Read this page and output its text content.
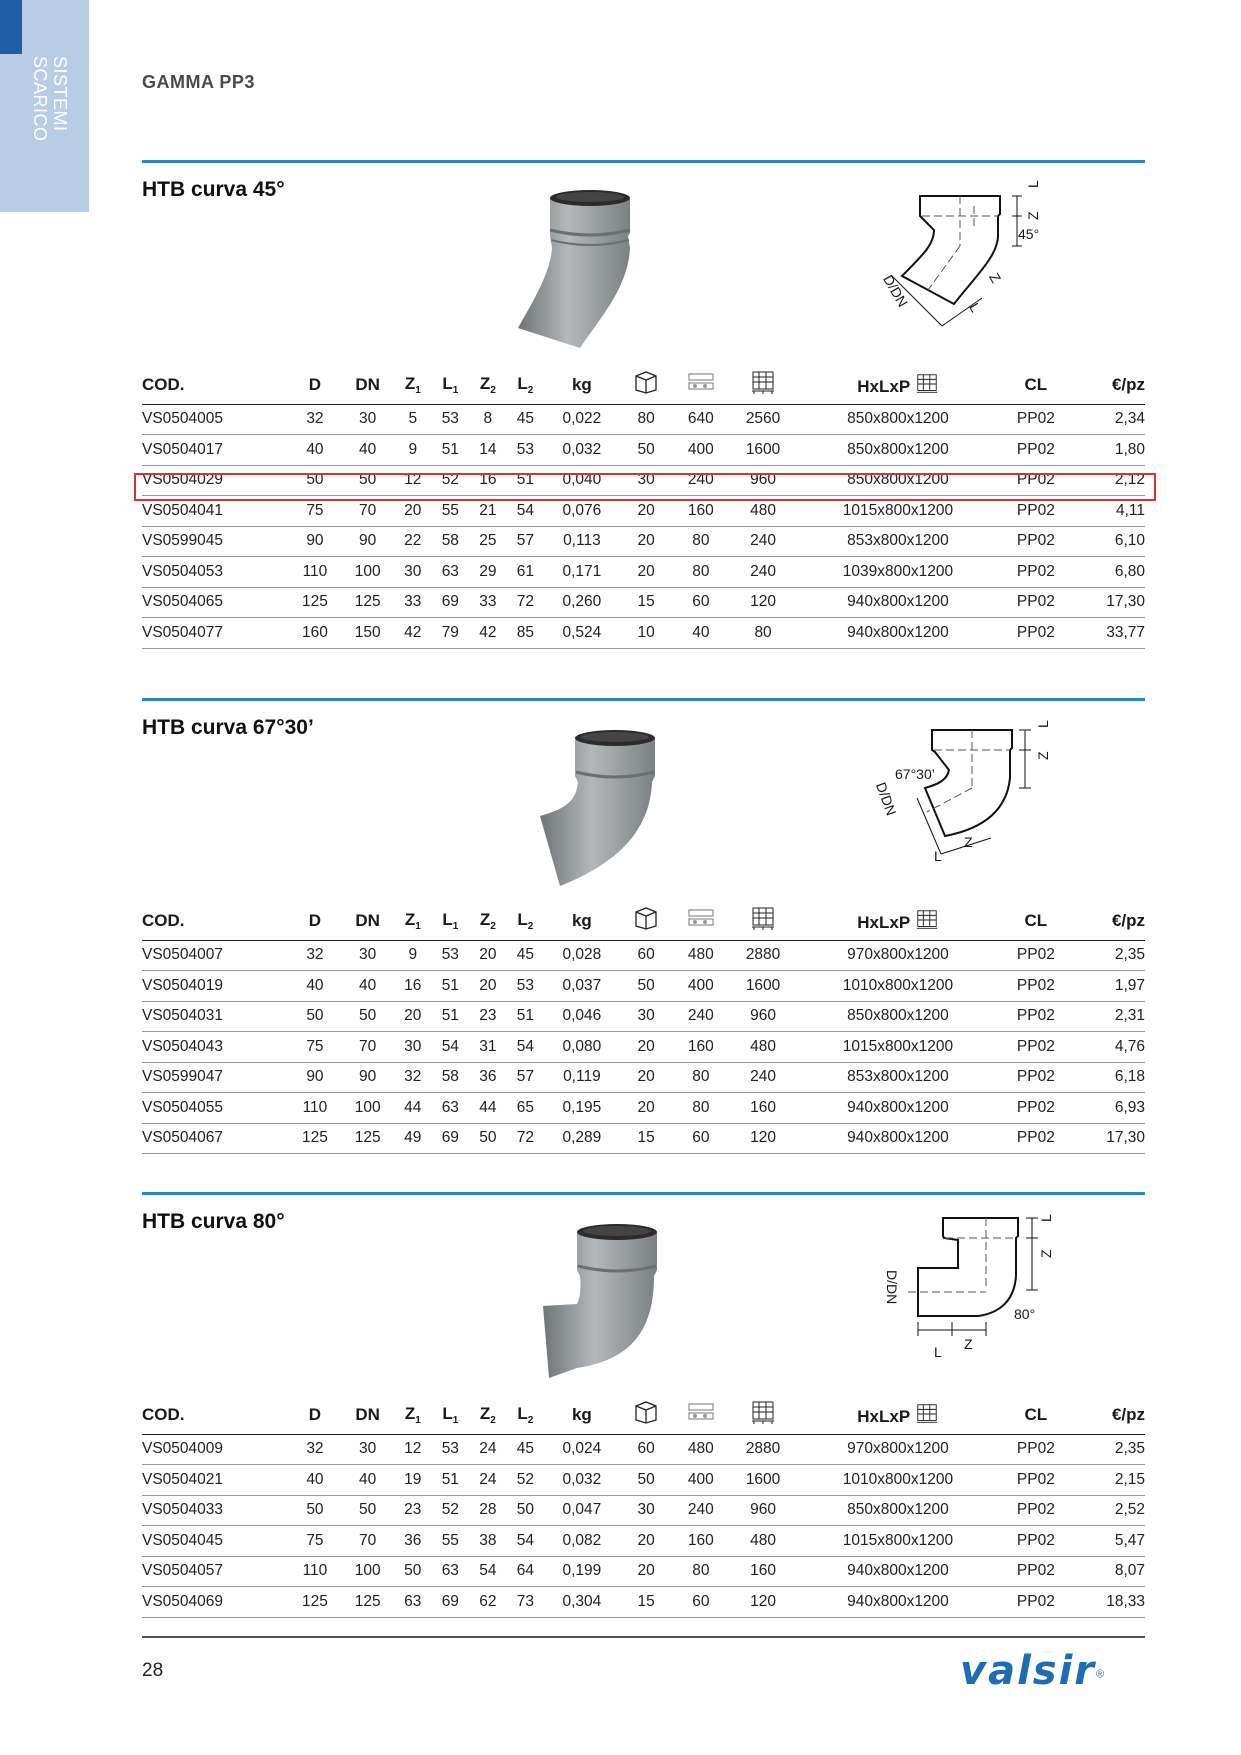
SISTEMI
SCARICO	GAMMA PP3
HTB curva 45°
45°
D/DN
L
Z
Z
L
COD.	D	DN	$Z_1$	$L_1$	$Z_2$	$L_2$	kg				HxLxP	CL	€/pz
VS0504005	32	30	5	53	8	45	0,022	80	640	2560	850x800x1200	PP02	2,34
VS0504017	40	40	9	51	14	53	0,032	50	400	1600	850x800x1200	PP02	1,80
VS0504029	50	50	12	52	16	51	0,040	30	240	960	850x800x1200	PP02	2,12
VS0504041	75	70	20	55	21	54	0,076	20	160	480	1015x800x1200	PP02	4,11
VS0599045	90	90	22	58	25	57	0,113	20	80	240	853x800x1200	PP02	6,10
VS0504053	110	100	30	63	29	61	0,171	20	80	240	1039x800x1200	PP02	6,80
VS0504065	125	125	33	69	33	72	0,260	15	60	120	940x800x1200	PP02	17,30
VS0504077	160	150	42	79	42	85	0,524	10	40	80	940x800x1200	PP02	33,77
HTB curva 67°30’
67°30’
D/DN
L
Z
Z
L
COD.	D	DN	$Z_1$	$L_1$	$Z_2$	$L_2$	kg				HxLxP	CL	€/pz
VS0504007	32	30	9	53	20	45	0,028	60	480	2880	970x800x1200	PP02	2,35
VS0504019	40	40	16	51	20	53	0,037	50	400	1600	1010x800x1200	PP02	1,97
VS0504031	50	50	20	51	23	51	0,046	30	240	960	850x800x1200	PP02	2,31
VS0504043	75	70	30	54	31	54	0,080	20	160	480	1015x800x1200	PP02	4,76
VS0599047	90	90	32	58	36	57	0,119	20	80	240	853x800x1200	PP02	6,18
VS0504055	110	100	44	63	44	65	0,195	20	80	160	940x800x1200	PP02	6,93
VS0504067	125	125	49	69	50	72	0,289	15	60	120	940x800x1200	PP02	17,30
HTB curva 80°
80°
D/DN
L
Z
Z
L
COD.	D	DN	$Z_1$	$L_1$	$Z_2$	$L_2$	kg				HxLxP	CL	€/pz
VS0504009	32	30	12	53	24	45	0,024	60	480	2880	970x800x1200	PP02	2,35
VS0504021	40	40	19	51	24	52	0,032	50	400	1600	1010x800x1200	PP02	2,15
VS0504033	50	50	23	52	28	50	0,047	30	240	960	850x800x1200	PP02	2,52
VS0504045	75	70	36	55	38	54	0,082	20	160	480	1015x800x1200	PP02	5,47
VS0504057	110	100	50	63	54	64	0,199	20	80	160	940x800x1200	PP02	8,07
VS0504069	125	125	63	69	62	73	0,304	15	60	120	940x800x1200	PP02	18,33
28	valsir®
